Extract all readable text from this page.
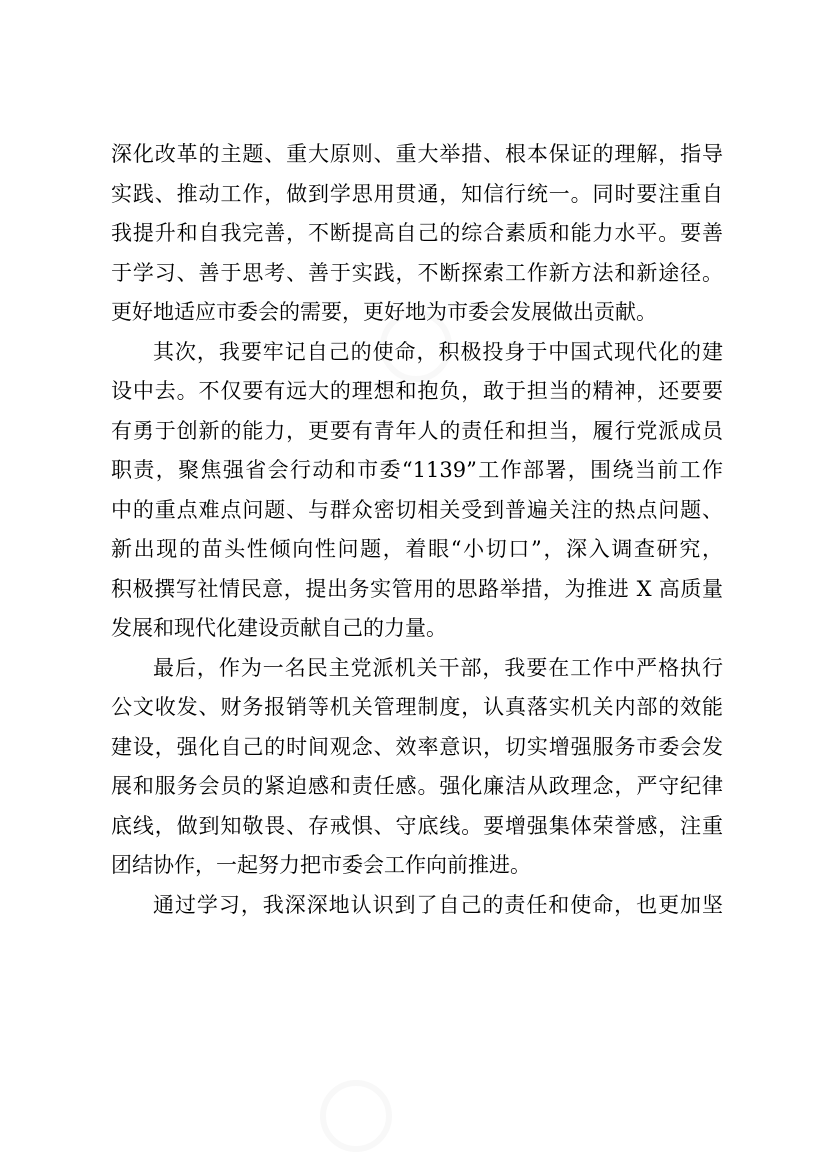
深化改革的主题、重大原则、重大举措、根本保证的理解，指导
实践、推动工作，做到学思用贯通，知信行统一。同时要注重自
我提升和自我完善，不断提高自己的综合素质和能力水平。要善
于学习、善于思考、善于实践，不断探索工作新方法和新途径。
更好地适应市委会的需要，更好地为市委会发展做出贡献。
其次，我要牢记自己的使命，积极投身于中国式现代化的建
设中去。不仅要有远大的理想和抱负，敢于担当的精神，还要要
有勇于创新的能力，更要有青年人的责任和担当，履行党派成员
职责，聚焦强省会行动和市委“1139”工作部署，围绕当前工作
中的重点难点问题、与群众密切相关受到普遍关注的热点问题、
新出现的苗头性倾向性问题，着眼“小切口”，深入调查研究，
积极撰写社情民意，提出务实管用的思路举措，为推进 X 高质量
发展和现代化建设贡献自己的力量。
最后，作为一名民主党派机关干部，我要在工作中严格执行
公文收发、财务报销等机关管理制度，认真落实机关内部的效能
建设，强化自己的时间观念、效率意识，切实增强服务市委会发
展和服务会员的紧迫感和责任感。强化廉洁从政理念，严守纪律
底线，做到知敬畏、存戒惧、守底线。要增强集体荣誉感，注重
团结协作，一起努力把市委会工作向前推进。
通过学习，我深深地认识到了自己的责任和使命，也更加坚
